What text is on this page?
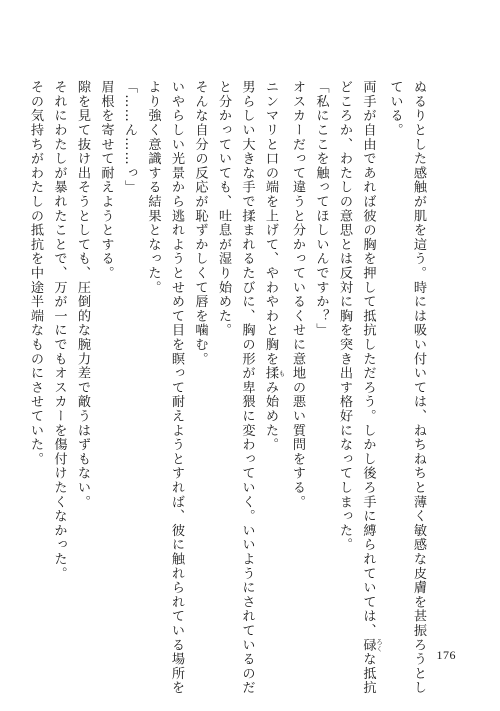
ぬるりとした感触が肌を這う。時には吸い付いては、ねちねちと薄く敏感な皮膚を甚振ろうとし
ている。
両手が自由であれば彼の胸を押して抵抗しただろう。しかし後ろ手に縛られていては、碌 ろくな抵抗
どころか、わたしの意思とは反対に胸を突き出す格好になってしまった。
「私にここを触ってほしいんですか？」
オスカーだって違うと分かっているくせに意地の悪い質問をする。
ニンマリと口の端を上げて、やわやわと胸を揉 もみ始めた。
男らしい大きな手で揉まれるたびに、胸の形が卑猥に変わっていく。いいようにされているのだ
と分かっていても、吐息が湿り始めた。
そんな自分の反応が恥ずかしくて唇を噛む。
いやらしい光景から逃れようとせめて目を瞑って耐えようとすれば、彼に触れられている場所を
より強く意識する結果となった。
「……ん……っ」
眉根を寄せて耐えようとする。
隙を見て抜け出そうとしても、圧倒的な腕力差で敵うはずもない。
それにわたしが暴れたことで、万が一にでもオスカーを傷付けたくなかった。
その気持ちがわたしの抵抗を中途半端なものにさせていた。
176
